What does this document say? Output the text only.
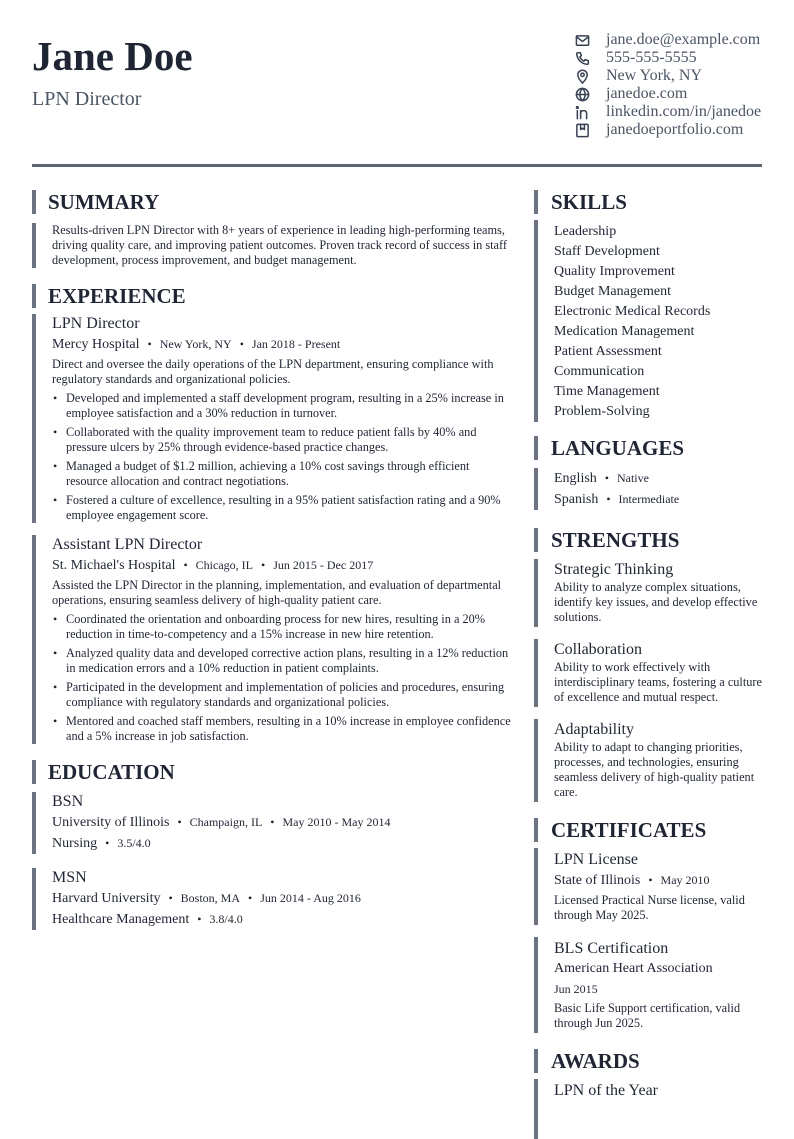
Jane Doe
LPN Director
jane.doe@example.com
555-555-5555
New York, NY
janedoe.com
linkedin.com/in/janedoe
janedoeportfolio.com
SUMMARY
Results-driven LPN Director with 8+ years of experience in leading high-performing teams, driving quality care, and improving patient outcomes. Proven track record of success in staff development, process improvement, and budget management.
EXPERIENCE
LPN Director
Mercy Hospital • New York, NY • Jan 2018 - Present
Direct and oversee the daily operations of the LPN department, ensuring compliance with regulatory standards and organizational policies.
• Developed and implemented a staff development program, resulting in a 25% increase in employee satisfaction and a 30% reduction in turnover.
• Collaborated with the quality improvement team to reduce patient falls by 40% and pressure ulcers by 25% through evidence-based practice changes.
• Managed a budget of $1.2 million, achieving a 10% cost savings through efficient resource allocation and contract negotiations.
• Fostered a culture of excellence, resulting in a 95% patient satisfaction rating and a 90% employee engagement score.
Assistant LPN Director
St. Michael's Hospital • Chicago, IL • Jun 2015 - Dec 2017
Assisted the LPN Director in the planning, implementation, and evaluation of departmental operations, ensuring seamless delivery of high-quality patient care.
• Coordinated the orientation and onboarding process for new hires, resulting in a 20% reduction in time-to-competency and a 15% increase in new hire retention.
• Analyzed quality data and developed corrective action plans, resulting in a 12% reduction in medication errors and a 10% reduction in patient complaints.
• Participated in the development and implementation of policies and procedures, ensuring compliance with regulatory standards and organizational policies.
• Mentored and coached staff members, resulting in a 10% increase in employee confidence and a 5% increase in job satisfaction.
EDUCATION
BSN
University of Illinois • Champaign, IL • May 2010 - May 2014
Nursing • 3.5/4.0
MSN
Harvard University • Boston, MA • Jun 2014 - Aug 2016
Healthcare Management • 3.8/4.0
SKILLS
Leadership
Staff Development
Quality Improvement
Budget Management
Electronic Medical Records
Medication Management
Patient Assessment
Communication
Time Management
Problem-Solving
LANGUAGES
English • Native
Spanish • Intermediate
STRENGTHS
Strategic Thinking
Ability to analyze complex situations, identify key issues, and develop effective solutions.
Collaboration
Ability to work effectively with interdisciplinary teams, fostering a culture of excellence and mutual respect.
Adaptability
Ability to adapt to changing priorities, processes, and technologies, ensuring seamless delivery of high-quality patient care.
CERTIFICATES
LPN License
State of Illinois • May 2010
Licensed Practical Nurse license, valid through May 2025.
BLS Certification
American Heart Association
Jun 2015
Basic Life Support certification, valid through Jun 2025.
AWARDS
LPN of the Year
